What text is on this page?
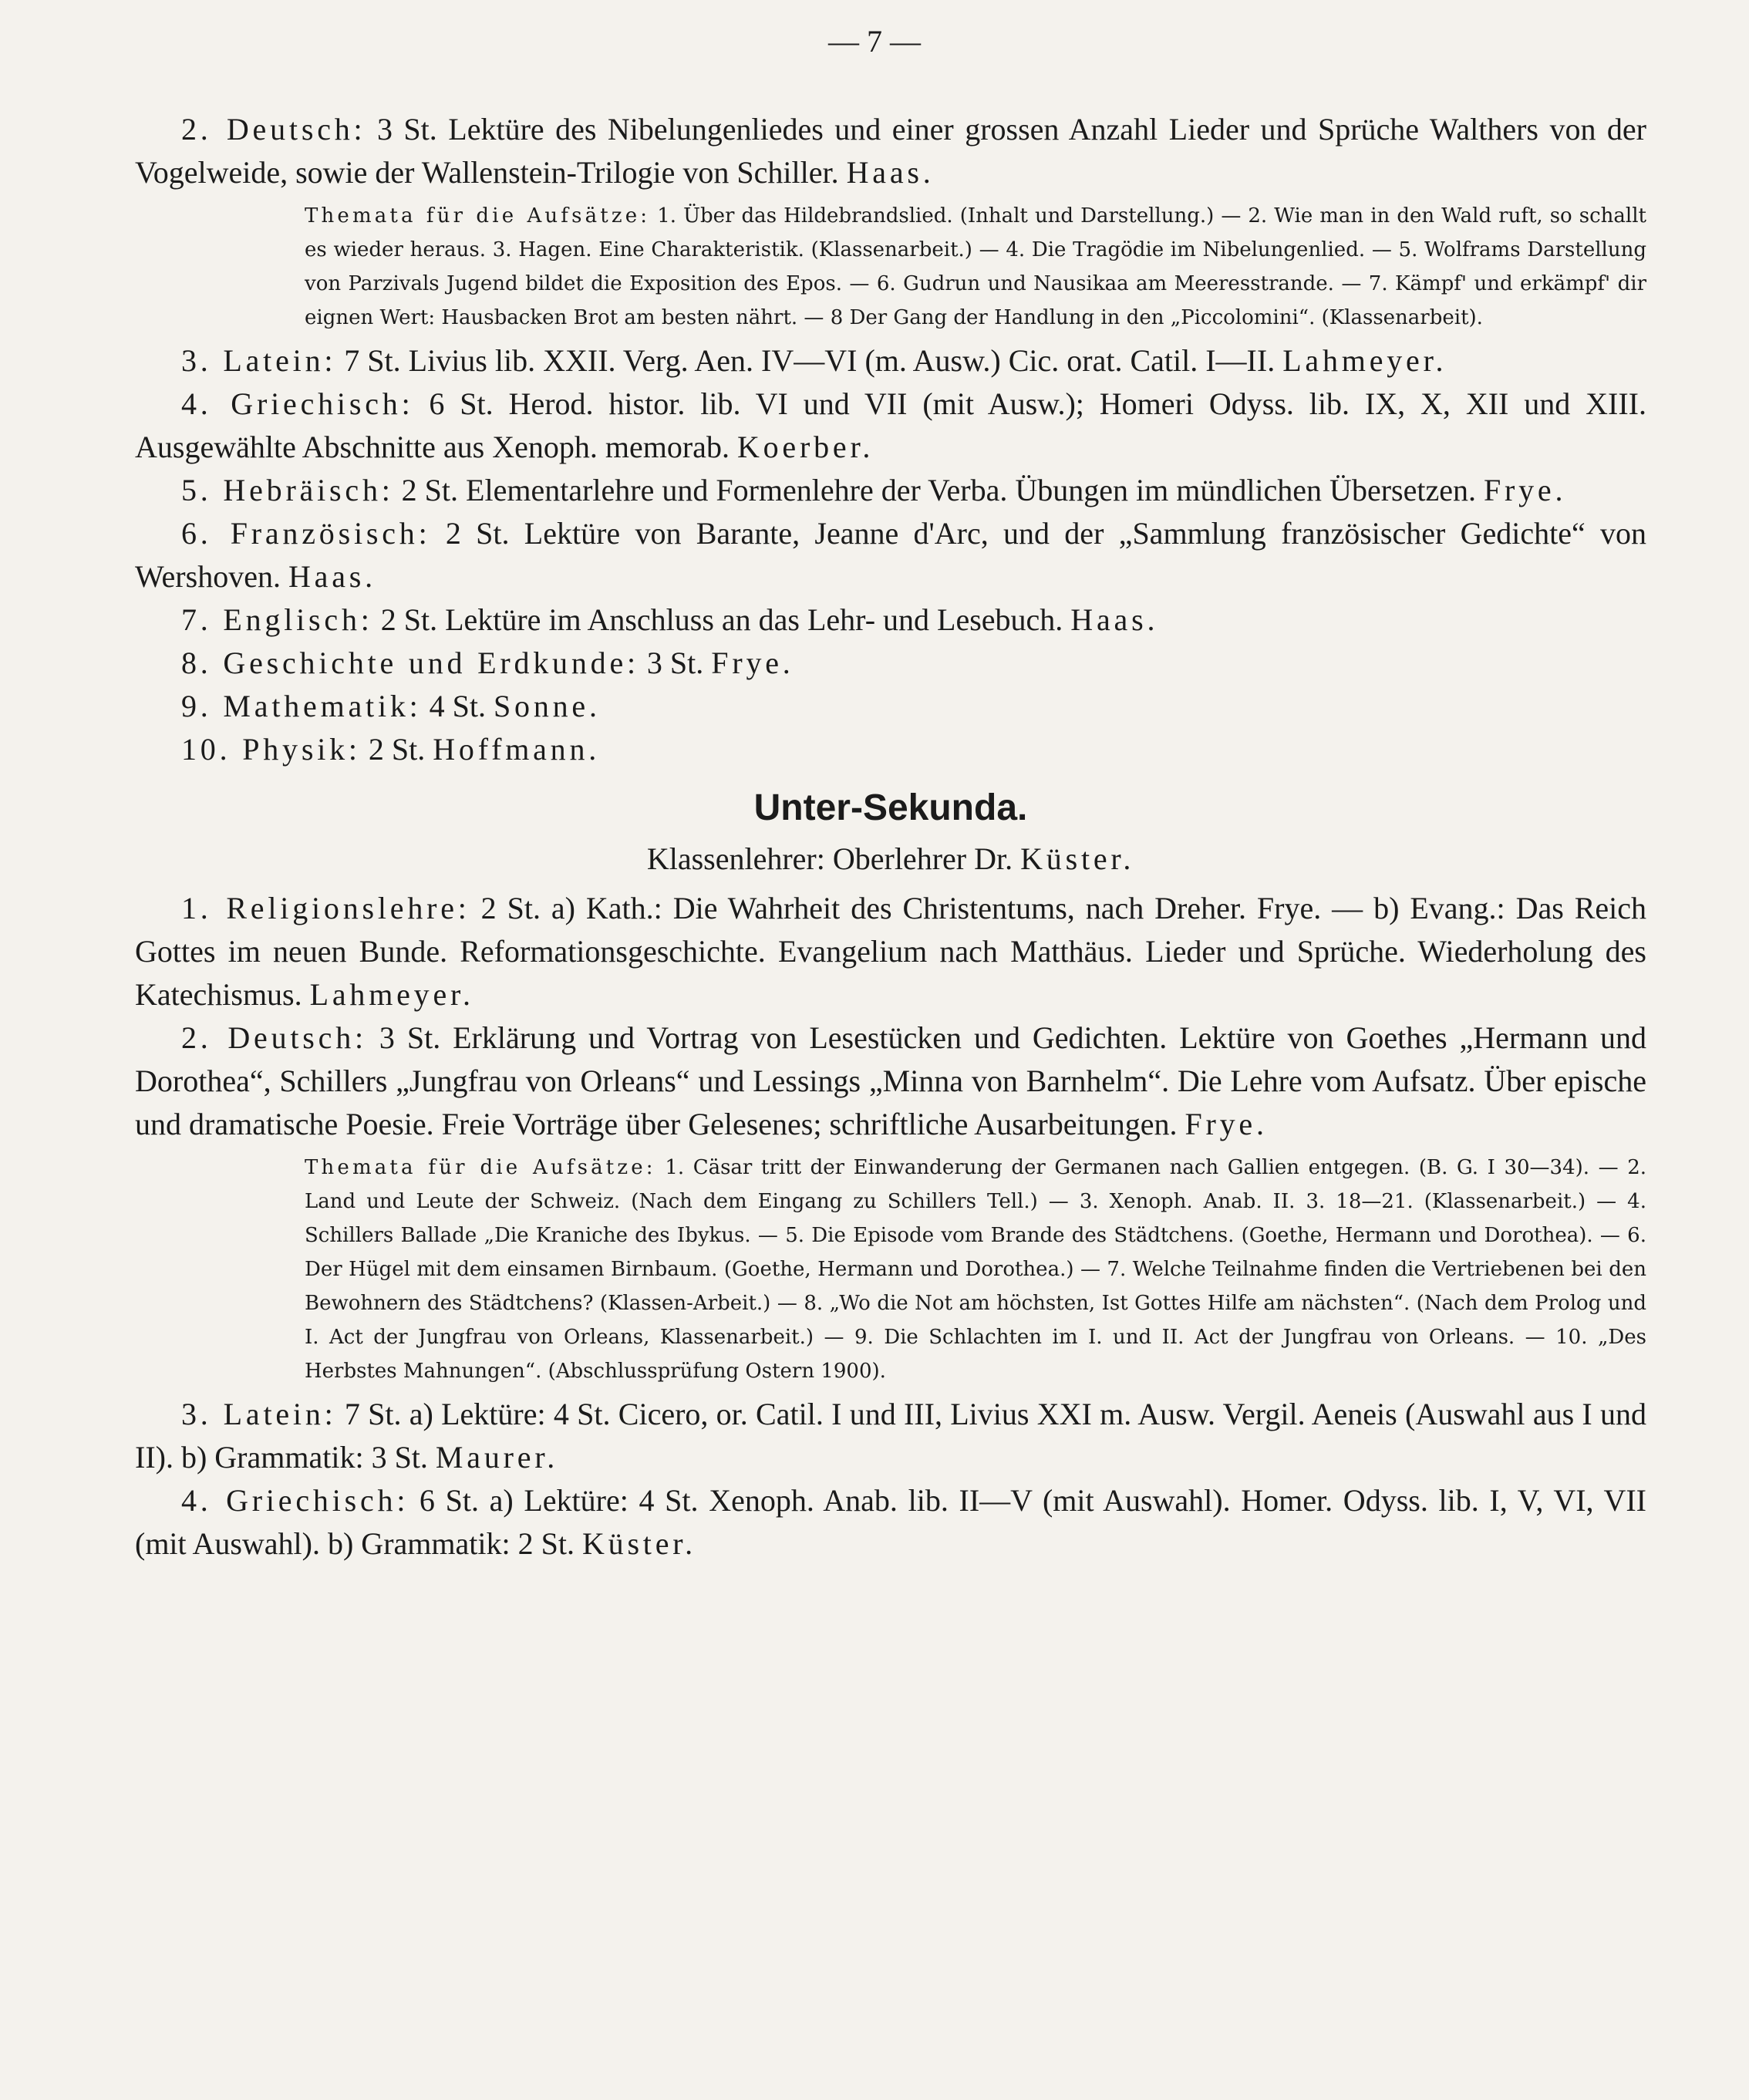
— 7 —

2. Deutsch: 3 St. Lektüre des Nibelungenliedes und einer grossen Anzahl Lieder und Sprüche Walthers von der Vogelweide, sowie der Wallenstein-Trilogie von Schiller. Haas.

Themata für die Aufsätze: 1. Über das Hildebrandslied. (Inhalt und Darstellung.) — 2. Wie man in den Wald ruft, so schallt es wieder heraus. 3. Hagen. Eine Charakteristik. (Klassenarbeit.) — 4. Die Tragödie im Nibelungenlied. — 5. Wolframs Darstellung von Parzivals Jugend bildet die Exposition des Epos. — 6. Gudrun und Nausikaa am Meeresstrande. — 7. Kämpf' und erkämpf' dir eignen Wert: Hausbacken Brot am besten nährt. — 8 Der Gang der Handlung in den „Piccolomini“. (Klassenarbeit).

3. Latein: 7 St. Livius lib. XXII. Verg. Aen. IV—VI (m. Ausw.) Cic. orat. Catil. I—II. Lahmeyer.

4. Griechisch: 6 St. Herod. histor. lib. VI und VII (mit Ausw.); Homeri Odyss. lib. IX, X, XII und XIII. Ausgewählte Abschnitte aus Xenoph. memorab. Koerber.

5. Hebräisch: 2 St. Elementarlehre und Formenlehre der Verba. Übungen im mündlichen Übersetzen. Frye.

6. Französisch: 2 St. Lektüre von Barante, Jeanne d'Arc, und der „Sammlung französischer Gedichte“ von Wershoven. Haas.

7. Englisch: 2 St. Lektüre im Anschluss an das Lehr- und Lesebuch. Haas.

8. Geschichte und Erdkunde: 3 St. Frye.

9. Mathematik: 4 St. Sonne.

10. Physik: 2 St. Hoffmann.

Unter-Sekunda.

Klassenlehrer: Oberlehrer Dr. Küster.

1. Religionslehre: 2 St. a) Kath.: Die Wahrheit des Christentums, nach Dreher. Frye. — b) Evang.: Das Reich Gottes im neuen Bunde. Reformationsgeschichte. Evangelium nach Matthäus. Lieder und Sprüche. Wiederholung des Katechismus. Lahmeyer.

2. Deutsch: 3 St. Erklärung und Vortrag von Lesestücken und Gedichten. Lektüre von Goethes „Hermann und Dorothea“, Schillers „Jungfrau von Orleans“ und Lessings „Minna von Barnhelm“. Die Lehre vom Aufsatz. Über epische und dramatische Poesie. Freie Vorträge über Gelesenes; schriftliche Ausarbeitungen. Frye.

Themata für die Aufsätze: 1. Cäsar tritt der Einwanderung der Germanen nach Gallien entgegen. (B. G. I 30—34). — 2. Land und Leute der Schweiz. (Nach dem Eingang zu Schillers Tell.) — 3. Xenoph. Anab. II. 3. 18—21. (Klassenarbeit.) — 4. Schillers Ballade „Die Kraniche des Ibykus. — 5. Die Episode vom Brande des Städtchens. (Goethe, Hermann und Dorothea). — 6. Der Hügel mit dem einsamen Birnbaum. (Goethe, Hermann und Dorothea.) — 7. Welche Teilnahme finden die Vertriebenen bei den Bewohnern des Städtchens? (Klassen-Arbeit.) — 8. „Wo die Not am höchsten, Ist Gottes Hilfe am nächsten“. (Nach dem Prolog und I. Act der Jungfrau von Orleans, Klassenarbeit.) — 9. Die Schlachten im I. und II. Act der Jungfrau von Orleans. — 10. „Des Herbstes Mahnungen“. (Abschlussprüfung Ostern 1900).

3. Latein: 7 St. a) Lektüre: 4 St. Cicero, or. Catil. I und III, Livius XXI m. Ausw. Vergil. Aeneis (Auswahl aus I und II). b) Grammatik: 3 St. Maurer.

4. Griechisch: 6 St. a) Lektüre: 4 St. Xenoph. Anab. lib. II—V (mit Auswahl). Homer. Odyss. lib. I, V, VI, VII (mit Auswahl). b) Grammatik: 2 St. Küster.
